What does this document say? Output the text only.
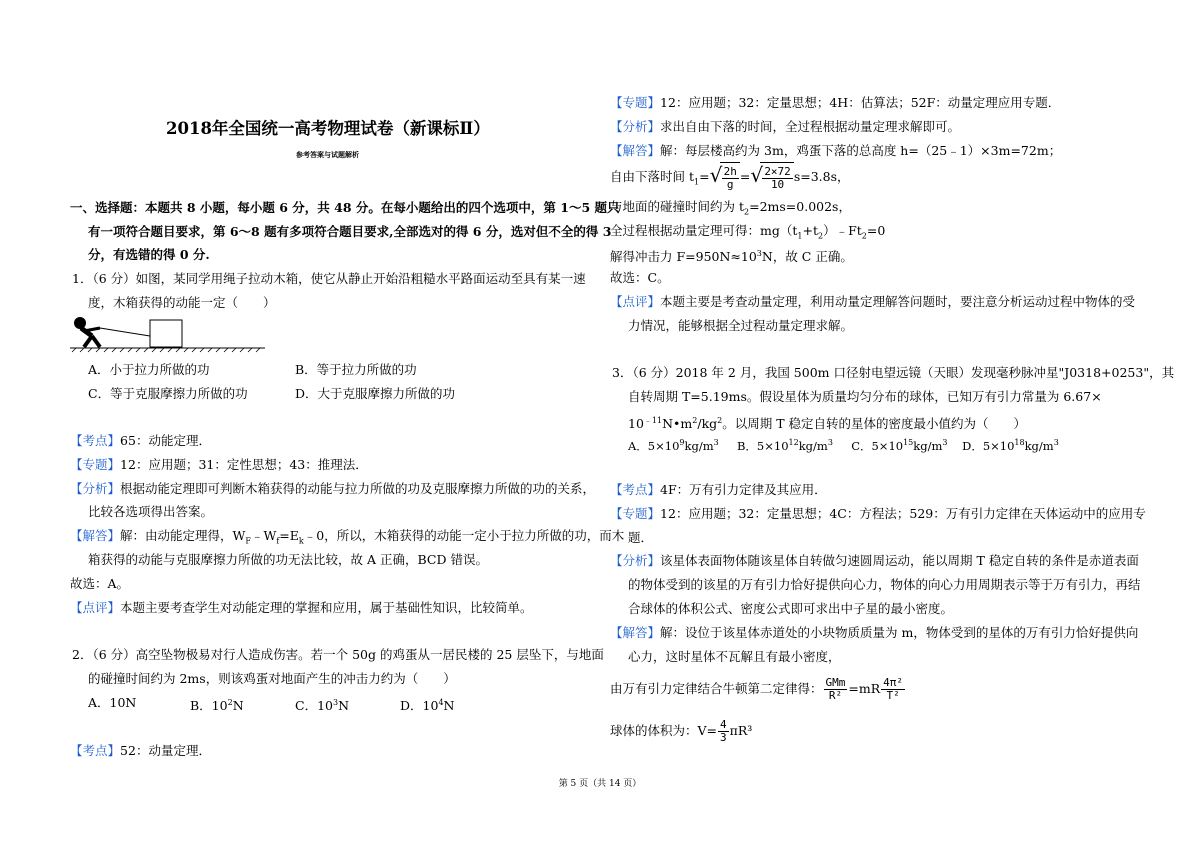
2018年全国统一高考物理试卷（新课标Ⅱ）
参考答案与试题解析
一、选择题：本题共 8 小题，每小题 6 分，共 48 分。在每小题给出的四个选项中，第 1～5 题只
有一项符合题目要求，第 6～8 题有多项符合题目要求,全部选对的得 6 分，选对但不全的得 3
分，有选错的得 0 分.
1．（6 分）如图，某同学用绳子拉动木箱，使它从静止开始沿粗糙水平路面运动至具有某一速
度，木箱获得的动能一定（　　）
A．小于拉力所做的功	B．等于拉力所做的功
C．等于克服摩擦力所做的功	D．大于克服摩擦力所做的功
【考点】65：动能定理．
【专题】12：应用题；31：定性思想；43：推理法．
【分析】根据动能定理即可判断木箱获得的动能与拉力所做的功及克服摩擦力所做的功的关系，
比较各选项得出答案。
【解答】解：由动能定理得，$W_F﹣W_f=E_k﹣0$，所以，木箱获得的动能一定小于拉力所做的功，而木
箱获得的动能与克服摩擦力所做的功无法比较，故 A 正确，BCD 错误。
故选：A。
【点评】本题主要考查学生对动能定理的掌握和应用，属于基础性知识，比较简单。
2．（6 分）高空坠物极易对行人造成伤害。若一个 50g 的鸡蛋从一居民楼的 25 层坠下，与地面
的碰撞时间约为 2ms，则该鸡蛋对地面产生的冲击力约为（　　）
A．10N	B．$10^2N$	C．$10^3N$	D．$10^4N$
【考点】52：动量定理．
【专题】12：应用题；32：定量思想；4H：估算法；52F：动量定理应用专题．
【分析】求出自由下落的时间，全过程根据动量定理求解即可。
【解答】解：每层楼高约为 3m，鸡蛋下落的总高度 h=（25﹣1）×3m=72m；
自由下落时间 $t_1=$ √ $\frac{2h}{g}$ = √ $\frac{2\times 72}{10} s=3.8s$，
与地面的碰撞时间约为 $t_2=2ms=0.002s$，
全过程根据动量定理可得：$mg(t_1+t_2)﹣Ft_2=0$
解得冲击力 $F=950N\approx 10^3N$，故 C 正确。
故选：C。
【点评】本题主要是考查动量定理，利用动量定理解答问题时，要注意分析运动过程中物体的受
力情况，能够根据全过程动量定理求解。
3．（6 分）2018 年 2 月，我国 500m 口径射电望远镜（天眼）发现毫秒脉冲星"J0318+0253"，其
自转周期 T=5.19ms。假设星体为质量均匀分布的球体，已知万有引力常量为 6.67×
$10^{﹣11}N•m^2/kg^2$。以周期 T 稳定自转的星体的密度最小值约为（　　）
A．$5\times 10^9kg/m^3$ B．$5\times 10^{12}kg/m^3$ C．$5\times 10^{15}kg/m^3$ D．$5\times 10^{18}kg/m^3$
【考点】4F：万有引力定律及其应用．
【专题】12：应用题；32：定量思想；4C：方程法；529：万有引力定律在天体运动中的应用专
题．
【分析】该星体表面物体随该星体自转做匀速圆周运动，能以周期 T 稳定自转的条件是赤道表面
的物体受到的该星的万有引力恰好提供向心力，物体的向心力用周期表示等于万有引力，再结
合球体的体积公式、密度公式即可求出中子星的最小密度。
【解答】解：设位于该星体赤道处的小块物质质量为 m，物体受到的星体的万有引力恰好提供向
心力，这时星体不瓦解且有最小密度，
由万有引力定律结合牛顿第二定律得： $\frac{\text{GMm}}{\text{R²}} =mR \frac{\text{4π²}}{\text{T²}}$
球体的体积为：$V= \frac{4}{3} \pi R^3$
第 5 页（共 14 页）
